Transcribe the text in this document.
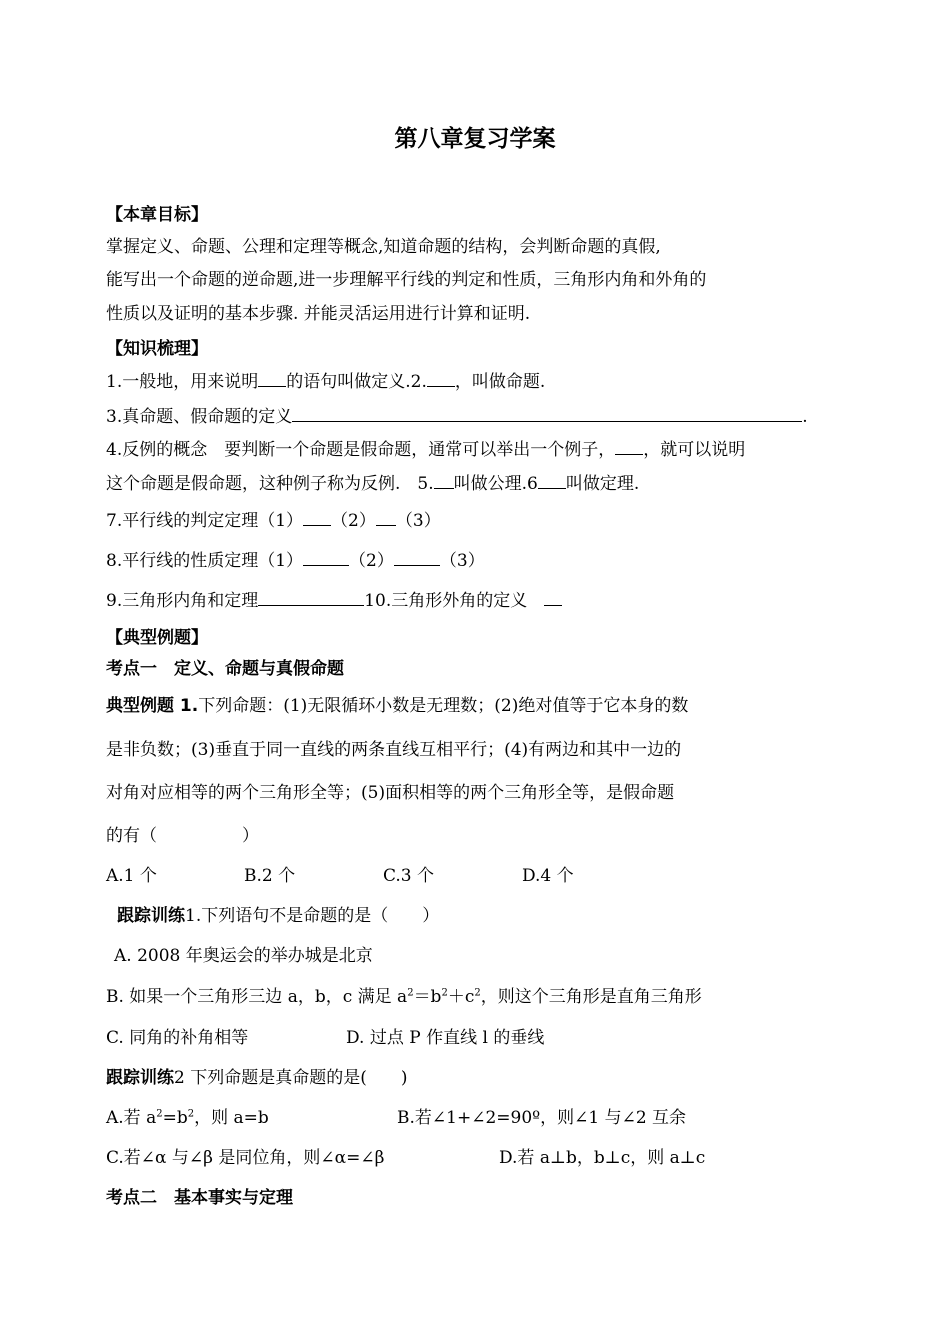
第八章复习学案
【本章目标】
掌握定义、命题、公理和定理等概念,知道命题的结构，会判断命题的真假,
能写出一个命题的逆命题,进一步理解平行线的判定和性质，三角形内角和外角的
性质以及证明的基本步骤. 并能灵活运用进行计算和证明.
【知识梳理】
1.一般地，用来说明 的语句叫做定义.2. ，叫做命题.
3.真命题、假命题的定义	.
4.反例的概念　要判断一个命题是假命题，通常可以举出一个例子， ，就可以说明
这个命题是假命题，这种例子称为反例.　5. 叫做公理.6 叫做定理.
7.平行线的判定定理（1） （2） （3）
8.平行线的性质定理（1）	（2）	（3）
9.三角形内角和定理	10.三角形外角的定义　
【典型例题】
考点一　定义、命题与真假命题
典型例题 1.下列命题：(1)无限循环小数是无理数；(2)绝对值等于它本身的数
是非负数；(3)垂直于同一直线的两条直线互相平行；(4)有两边和其中一边的
对角对应相等的两个三角形全等；(5)面积相等的两个三角形全等，是假命题
的有（　　　　　）
A.1 个	B.2 个	C.3 个	D.4 个
跟踪训练1.下列语句不是命题的是（　　）
A. 2008 年奥运会的举办城是北京
B. 如果一个三角形三边 a，b，c 满足 $a^2=b^2+c^2$，则这个三角形是直角三角形
C. 同角的补角相等	D. 过点 P 作直线 l 的垂线
跟踪训练2 下列命题是真命题的是(　　)
A.若 $a^2=b^2$，则 a=b	B.若∠1+∠2=90º，则∠1 与∠2 互余
C.若∠α 与∠β 是同位角，则∠α=∠β	D.若 a⊥b，b⊥c，则 a⊥c
考点二　基本事实与定理
